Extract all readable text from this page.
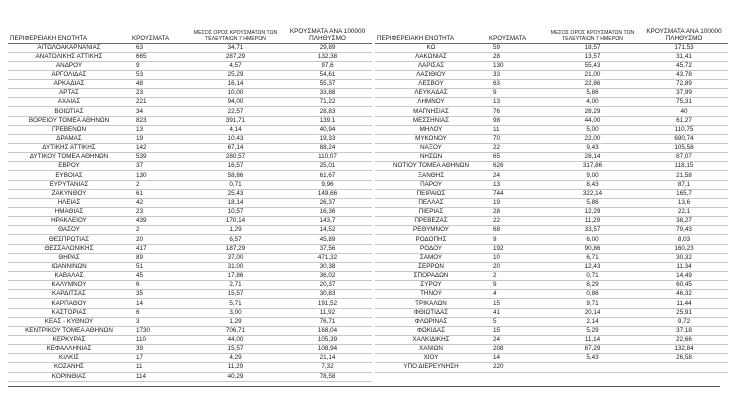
ΠΕΡΙΦΕΡΕΙΑΚΗ ΕΝΟΤΗΤΑ	ΚΡΟΥΣΜΑΤΑ	ΜΕΣΟΣ ΟΡΟΣ ΚΡΟΥΣΜΑΤΩΝ ΤΩΝ ΤΕΛΕΥΤΑΙΩΝ 7 ΗΜΕΡΩΝ	ΚΡΟΥΣΜΑΤΑ ΑΝΑ 100000 ΠΛΗΘΥΣΜΟ
ΑΙΤΩΛΟΑΚΑΡΝΑΝΙΑΣ	63	34,71	29,89
ΑΝΑΤΟΛΙΚΗΣ ΑΤΤΙΚΗΣ	665	287,29	132,38
ΑΝΔΡΟΥ	9	4,57	97,6
ΑΡΓΟΛΙΔΑΣ	53	25,29	54,61
ΑΡΚΑΔΙΑΣ	48	16,14	55,37
ΑΡΤΑΣ	23	10,00	33,88
ΑΧΑΪΑΣ	221	94,00	71,22
ΒΟΙΩΤΙΑΣ	34	22,57	28,83
ΒΟΡΕΙΟΥ ΤΟΜΕΑ ΑΘΗΝΩΝ	823	391,71	139,1
ΓΡΕΒΕΝΩΝ	13	4,14	40,94
ΔΡΑΜΑΣ	19	10,43	19,33
ΔΥΤΙΚΗΣ ΑΤΤΙΚΗΣ	142	67,14	88,24
ΔΥΤΙΚΟΥ ΤΟΜΕΑ ΑΘΗΝΩΝ	539	280,57	110,07
ΕΒΡΟΥ	37	16,57	25,01
ΕΥΒΟΙΑΣ	130	58,86	61,67
ΕΥΡΥΤΑΝΙΑΣ	2	0,71	9,96
ΖΑΚΥΝΘΟΥ	61	25,43	149,66
ΗΛΕΙΑΣ	42	18,14	26,37
ΗΜΑΘΙΑΣ	23	10,57	16,36
ΗΡΑΚΛΕΙΟΥ	439	170,14	143,7
ΘΑΣΟΥ	2	1,29	14,52
ΘΕΣΠΡΩΤΙΑΣ	20	6,57	45,89
ΘΕΣΣΑΛΟΝΙΚΗΣ	417	187,29	37,56
ΘΗΡΑΣ	89	37,00	471,32
ΙΩΑΝΝΙΝΩΝ	51	31,00	30,38
ΚΑΒΑΛΑΣ	45	17,86	36,02
ΚΑΛΥΜΝΟΥ	6	2,71	20,37
ΚΑΡΔΙΤΣΑΣ	35	15,57	30,83
ΚΑΡΠΑΘΟΥ	14	5,71	191,52
ΚΑΣΤΟΡΙΑΣ	6	3,00	11,92
ΚΕΑΣ - ΚΥΘΝΟΥ	3	1,29	76,71
ΚΕΝΤΡΙΚΟΥ ΤΟΜΕΑ ΑΘΗΝΩΝ	1730	706,71	168,04
ΚΕΡΚΥΡΑΣ	110	44,00	105,39
ΚΕΦΑΛΛΗΝΙΑΣ	39	15,57	108,94
ΚΙΛΚΙΣ	17	4,29	21,14
ΚΟΖΑΝΗΣ	11	11,29	7,32
ΚΟΡΙΝΘΙΑΣ	114	40,29	78,58
ΠΕΡΙΦΕΡΕΙΑΚΗ ΕΝΟΤΗΤΑ	ΚΡΟΥΣΜΑΤΑ	ΜΕΣΟΣ ΟΡΟΣ ΚΡΟΥΣΜΑΤΩΝ ΤΩΝ ΤΕΛΕΥΤΑΙΩΝ 7 ΗΜΕΡΩΝ	ΚΡΟΥΣΜΑΤΑ ΑΝΑ 100000 ΠΛΗΘΥΣΜΟ
ΚΩ	59	18,57	171,53
ΛΑΚΩΝΙΑΣ	28	13,57	31,41
ΛΑΡΙΣΑΣ	130	55,43	45,72
ΛΑΣΙΘΙΟΥ	33	21,00	43,78
ΛΕΣΒΟΥ	63	22,86	72,89
ΛΕΥΚΑΔΑΣ	9	5,86	37,99
ΛΗΜΝΟΥ	13	4,00	75,31
ΜΑΓΝΗΣΙΑΣ	76	28,29	40
ΜΕΣΣΗΝΙΑΣ	98	44,00	61,27
ΜΗΛΟΥ	11	5,00	110,75
ΜΥΚΟΝΟΥ	70	22,00	690,74
ΝΑΞΟΥ	22	9,43	105,58
ΝΗΣΩΝ	65	28,14	87,07
ΝΟΤΙΟΥ ΤΟΜΕΑ ΑΘΗΝΩΝ	626	317,86	118,15
ΞΑΝΘΗΣ	24	9,00	21,58
ΠΑΡΟΥ	13	8,43	87,1
ΠΕΙΡΑΙΩΣ	744	322,14	165,7
ΠΕΛΛΑΣ	19	5,86	13,6
ΠΙΕΡΙΑΣ	28	12,29	22,1
ΠΡΕΒΕΖΑΣ	22	11,29	38,27
ΡΕΘΥΜΝΟΥ	68	33,57	79,43
ΡΟΔΟΠΗΣ	9	6,00	8,03
ΡΟΔΟΥ	192	90,86	160,23
ΣΑΜΟΥ	10	6,71	30,32
ΣΕΡΡΩΝ	20	12,43	11,34
ΣΠΟΡΑΔΩΝ	2	0,71	14,49
ΣΥΡΟΥ	9	8,29	60,45
ΤΗΝΟΥ	4	0,86	46,32
ΤΡΙΚΑΛΩΝ	15	9,71	11,44
ΦΘΙΩΤΙΔΑΣ	41	20,14	25,91
ΦΛΩΡΙΝΑΣ	5	2,14	9,72
ΦΩΚΙΔΑΣ	15	5,29	37,18
ΧΑΛΚΙΔΙΚΗΣ	24	11,14	22,66
ΧΑΝΙΩΝ	208	87,29	132,84
ΧΙΟΥ	14	5,43	26,58
ΥΠΟ ΔΙΕΡΕΥΝΗΣΗ	220		
